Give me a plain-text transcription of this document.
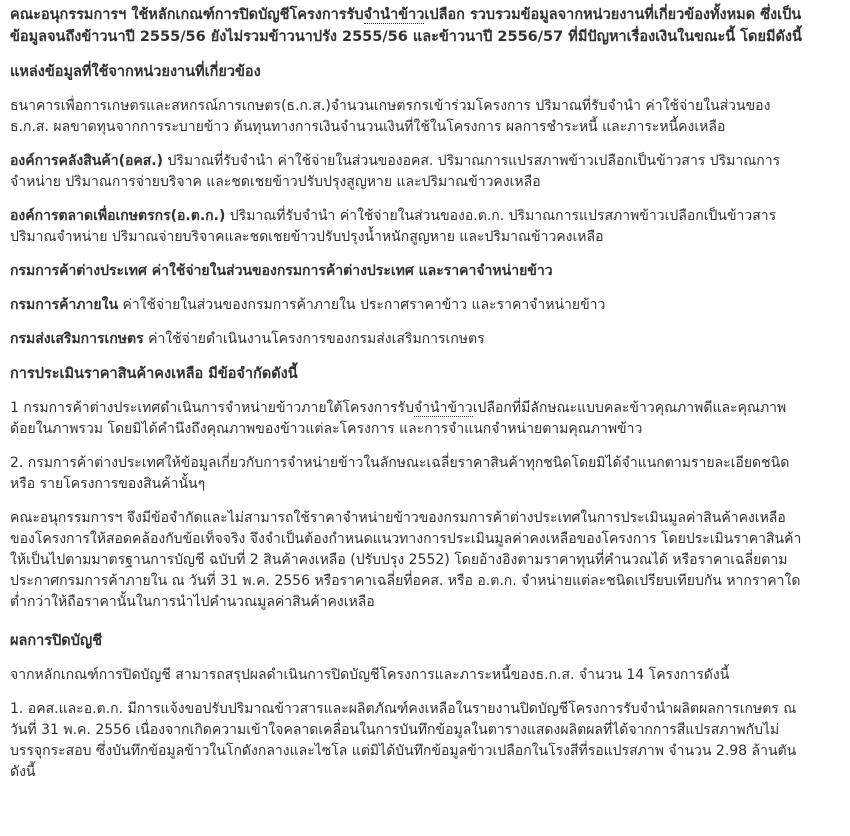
คณะอนุกรรมการฯ ใช้หลักเกณฑ์การปิดบัญชีโครงการรับจำนำข้าวเปลือก รวบรวมข้อมูลจากหน่วยงานที่เกี่ยวข้องทั้งหมด ซึ่งเป็นข้อมูลจนถึงข้าวนาปี 2555/56 ยังไม่รวมข้าวนาปรัง 2555/56 และข้าวนาปี 2556/57 ที่มีปัญหาเรื่องเงินในขณะนี้ โดยมีดังนี้

แหล่งข้อมูลที่ใช้จากหน่วยงานที่เกี่ยวข้อง

ธนาคารเพื่อการเกษตรและสหกรณ์การเกษตร(ธ.ก.ส.)จำนวนเกษตรกรเข้าร่วมโครงการ ปริมาณที่รับจำนำ ค่าใช้จ่ายในส่วนของธ.ก.ส. ผลขาดทุนจากการระบายข้าว ต้นทุนทางการเงินจำนวนเงินที่ใช้ในโครงการ ผลการชำระหนี้ และภาระหนี้คงเหลือ

องค์การคลังสินค้า(อคส.) ปริมาณที่รับจำนำ ค่าใช้จ่ายในส่วนของอคส. ปริมาณการแปรสภาพข้าวเปลือกเป็นข้าวสาร ปริมาณการจำหน่าย ปริมาณการจ่ายบริจาค และชดเชยข้าวปรับปรุงสูญหาย และปริมาณข้าวคงเหลือ

องค์การตลาดเพื่อเกษตรกร(อ.ต.ก.) ปริมาณที่รับจำนำ ค่าใช้จ่ายในส่วนของอ.ต.ก. ปริมาณการแปรสภาพข้าวเปลือกเป็นข้าวสาร ปริมาณจำหน่าย ปริมาณจ่ายบริจาคและชดเชยข้าวปรับปรุงน้ำหนักสูญหาย และปริมาณข้าวคงเหลือ

กรมการค้าต่างประเทศ ค่าใช้จ่ายในส่วนของกรมการค้าต่างประเทศ และราคาจำหน่ายข้าว

กรมการค้าภายใน ค่าใช้จ่ายในส่วนของกรมการค้าภายใน ประกาศราคาข้าว และราคาจำหน่ายข้าว

กรมส่งเสริมการเกษตร ค่าใช้จ่ายดำเนินงานโครงการของกรมส่งเสริมการเกษตร

การประเมินราคาสินค้าคงเหลือ มีข้อจำกัดดังนี้

1 กรมการค้าต่างประเทศดำเนินการจำหน่ายข้าวภายใต้โครงการรับจำนำข้าวเปลือกที่มีลักษณะแบบคละข้าวคุณภาพดีและคุณภาพด้อยในภาพรวม โดยมิได้คำนึงถึงคุณภาพของข้าวแต่ละโครงการ และการจำแนกจำหน่ายตามคุณภาพข้าว

2. กรมการค้าต่างประเทศให้ข้อมูลเกี่ยวกับการจำหน่ายข้าวในลักษณะเฉลี่ยราคาสินค้าทุกชนิดโดยมิได้จำแนกตามรายละเอียดชนิด หรือ รายโครงการของสินค้านั้นๆ

คณะอนุกรรมการฯ จึงมีข้อจำกัดและไม่สามารถใช้ราคาจำหน่ายข้าวของกรมการค้าต่างประเทศในการประเมินมูลค่าสินค้าคงเหลือของโครงการให้สอดคล้องกับข้อเท็จจริง จึงจำเป็นต้องกำหนดแนวทางการประเมินมูลค่าคงเหลือของโครงการ โดยประเมินราคาสินค้าให้เป็นไปตามมาตรฐานการบัญชี ฉบับที่ 2 สินค้าคงเหลือ (ปรับปรุง 2552) โดยอ้างอิงตามราคาทุนที่คำนวณได้ หรือราคาเฉลี่ยตามประกาศกรมการค้าภายใน ณ วันที่ 31 พ.ค. 2556 หรือราคาเฉลี่ยที่อคส. หรือ อ.ต.ก. จำหน่ายแต่ละชนิดเปรียบเทียบกัน หากราคาใดต่ำกว่าให้ถือราคานั้นในการนำไปคำนวณมูลค่าสินค้าคงเหลือ

ผลการปิดบัญชี

จากหลักเกณฑ์การปิดบัญชี สามารถสรุปผลดำเนินการปิดบัญชีโครงการและภาระหนี้ของธ.ก.ส. จำนวน 14 โครงการดังนี้

1. อคส.และอ.ต.ก. มีการแจ้งขอปรับปริมาณข้าวสารและผลิตภัณฑ์คงเหลือในรายงานปิดบัญชีโครงการรับจำนำผลิตผลการเกษตร ณ วันที่ 31 พ.ค. 2556 เนื่องจากเกิดความเข้าใจคลาดเคลื่อนในการบันทึกข้อมูลในตารางแสดงผลิตผลที่ได้จากการสีแปรสภาพกับไม่บรรจุกระสอบ ซึ่งบันทึกข้อมูลข้าวในโกดังกลางและไซโล แต่มิได้บันทึกข้อมูลข้าวเปลือกในโรงสีที่รอแปรสภาพ จำนวน 2.98 ล้านตัน ดังนี้
